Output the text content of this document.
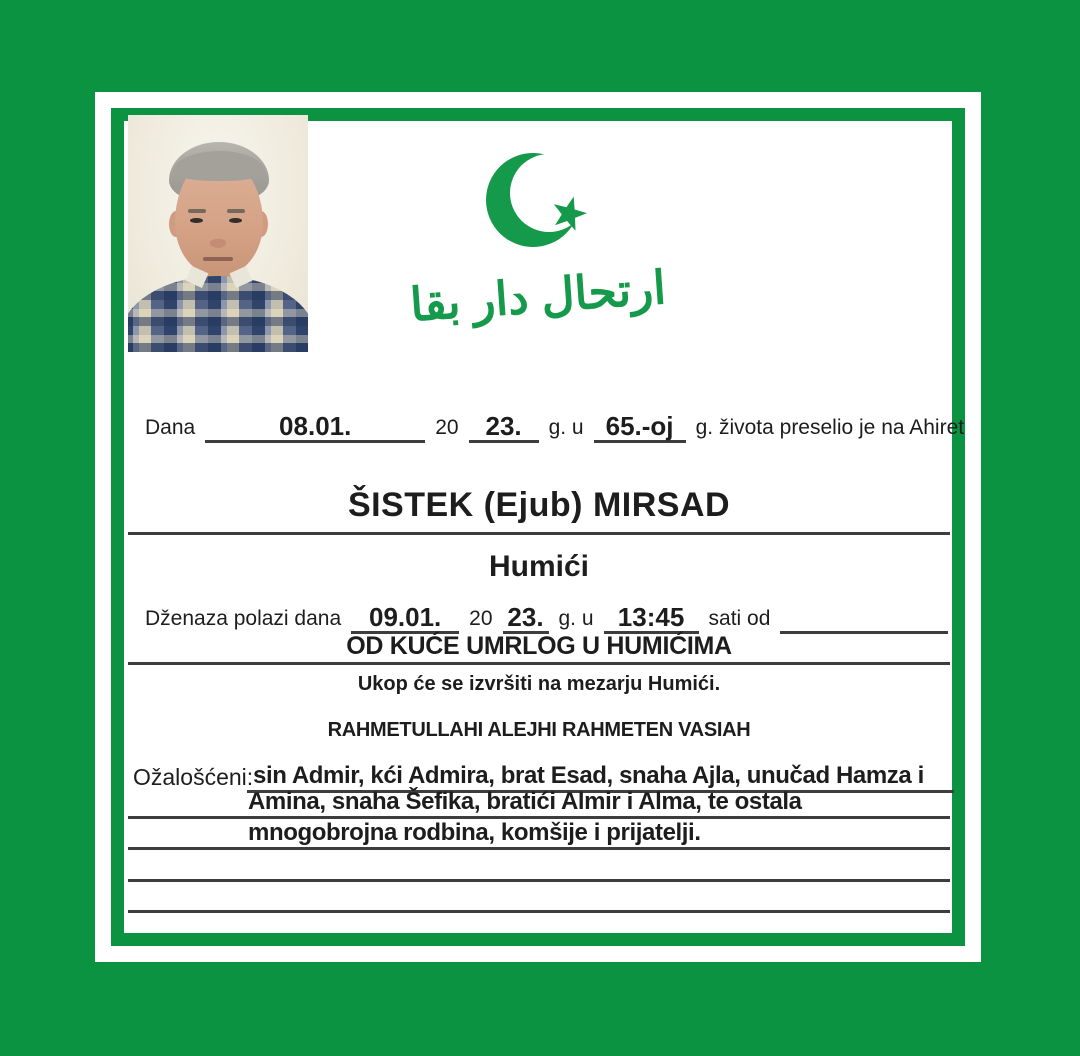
ارتحال دار بقا
Dana	08.01.	20	23.	g. u 65.-oj	g. života preselio je na Ahiret
ŠISTEK (Ejub) MIRSAD
Humići
Dženaza polazi dana	09.01.	20 23. g. u 13:45	sati od
OD KUĆE UMRLOG U HUMIĆIMA
Ukop će se izvršiti na mezarju Humići.
RAHMETULLAHI ALEJHI RAHMETEN VASIAH
Ožalošćeni: sin Admir, kći Admira, brat Esad, snaha Ajla, unučad Hamza i
Amina, snaha Šefika, bratići Almir i Alma, te ostala
mnogobrojna rodbina, komšije i prijatelji.
